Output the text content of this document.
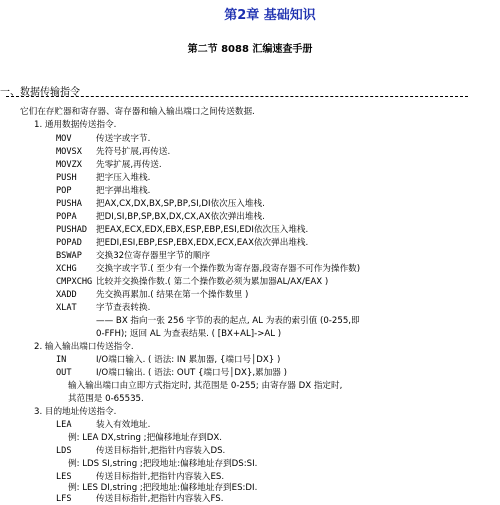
第2章 基础知识
第二节 8088 汇编速查手册
一、数据传输指令
它们在存贮器和寄存器、寄存器和输入输出端口之间传送数据.
1. 通用数据传送指令.
MOV	传送字或字节.
MOVSX 先符号扩展,再传送.
MOVZX 先零扩展,再传送.
PUSH 把字压入堆栈.
POP	把字弹出堆栈.
PUSHA 把AX,CX,DX,BX,SP,BP,SI,DI依次压入堆栈.
POPA 把DI,SI,BP,SP,BX,DX,CX,AX依次弹出堆栈.
PUSHAD 把EAX,ECX,EDX,EBX,ESP,EBP,ESI,EDI依次压入堆栈.
POPAD 把EDI,ESI,EBP,ESP,EBX,EDX,ECX,EAX依次弹出堆栈.
BSWAP 交换32位寄存器里字节的顺序
XCHG 交换字或字节.( 至少有一个操作数为寄存器,段寄存器不可作为操作数)
CMPXCHG 比较并交换操作数.( 第二个操作数必须为累加器AL/AX/EAX )
XADD 先交换再累加.( 结果在第一个操作数里 )
XLAT 字节查表转换.
—— BX 指向一张 256 字节的表的起点, AL 为表的索引值 (0-255,即
0-FFH); 返回 AL 为查表结果. ( [BX+AL]->AL )
2. 输入输出端口传送指令.
IN	I/O端口输入. ( 语法: IN 累加器, {端口号│DX} )
OUT	I/O端口输出. ( 语法: OUT {端口号│DX},累加器 )
输入输出端口由立即方式指定时, 其范围是 0-255; 由寄存器 DX 指定时,
其范围是 0-65535.
3. 目的地址传送指令.
LEA	装入有效地址.
例: LEA DX,string ;把偏移地址存到DX.
LDS	传送目标指针,把指针内容装入DS.
例: LDS SI,string ;把段地址:偏移地址存到DS:SI.
LES	传送目标指针,把指针内容装入ES.
例: LES DI,string ;把段地址:偏移地址存到ES:DI.
LFS	传送目标指针,把指针内容装入FS.
